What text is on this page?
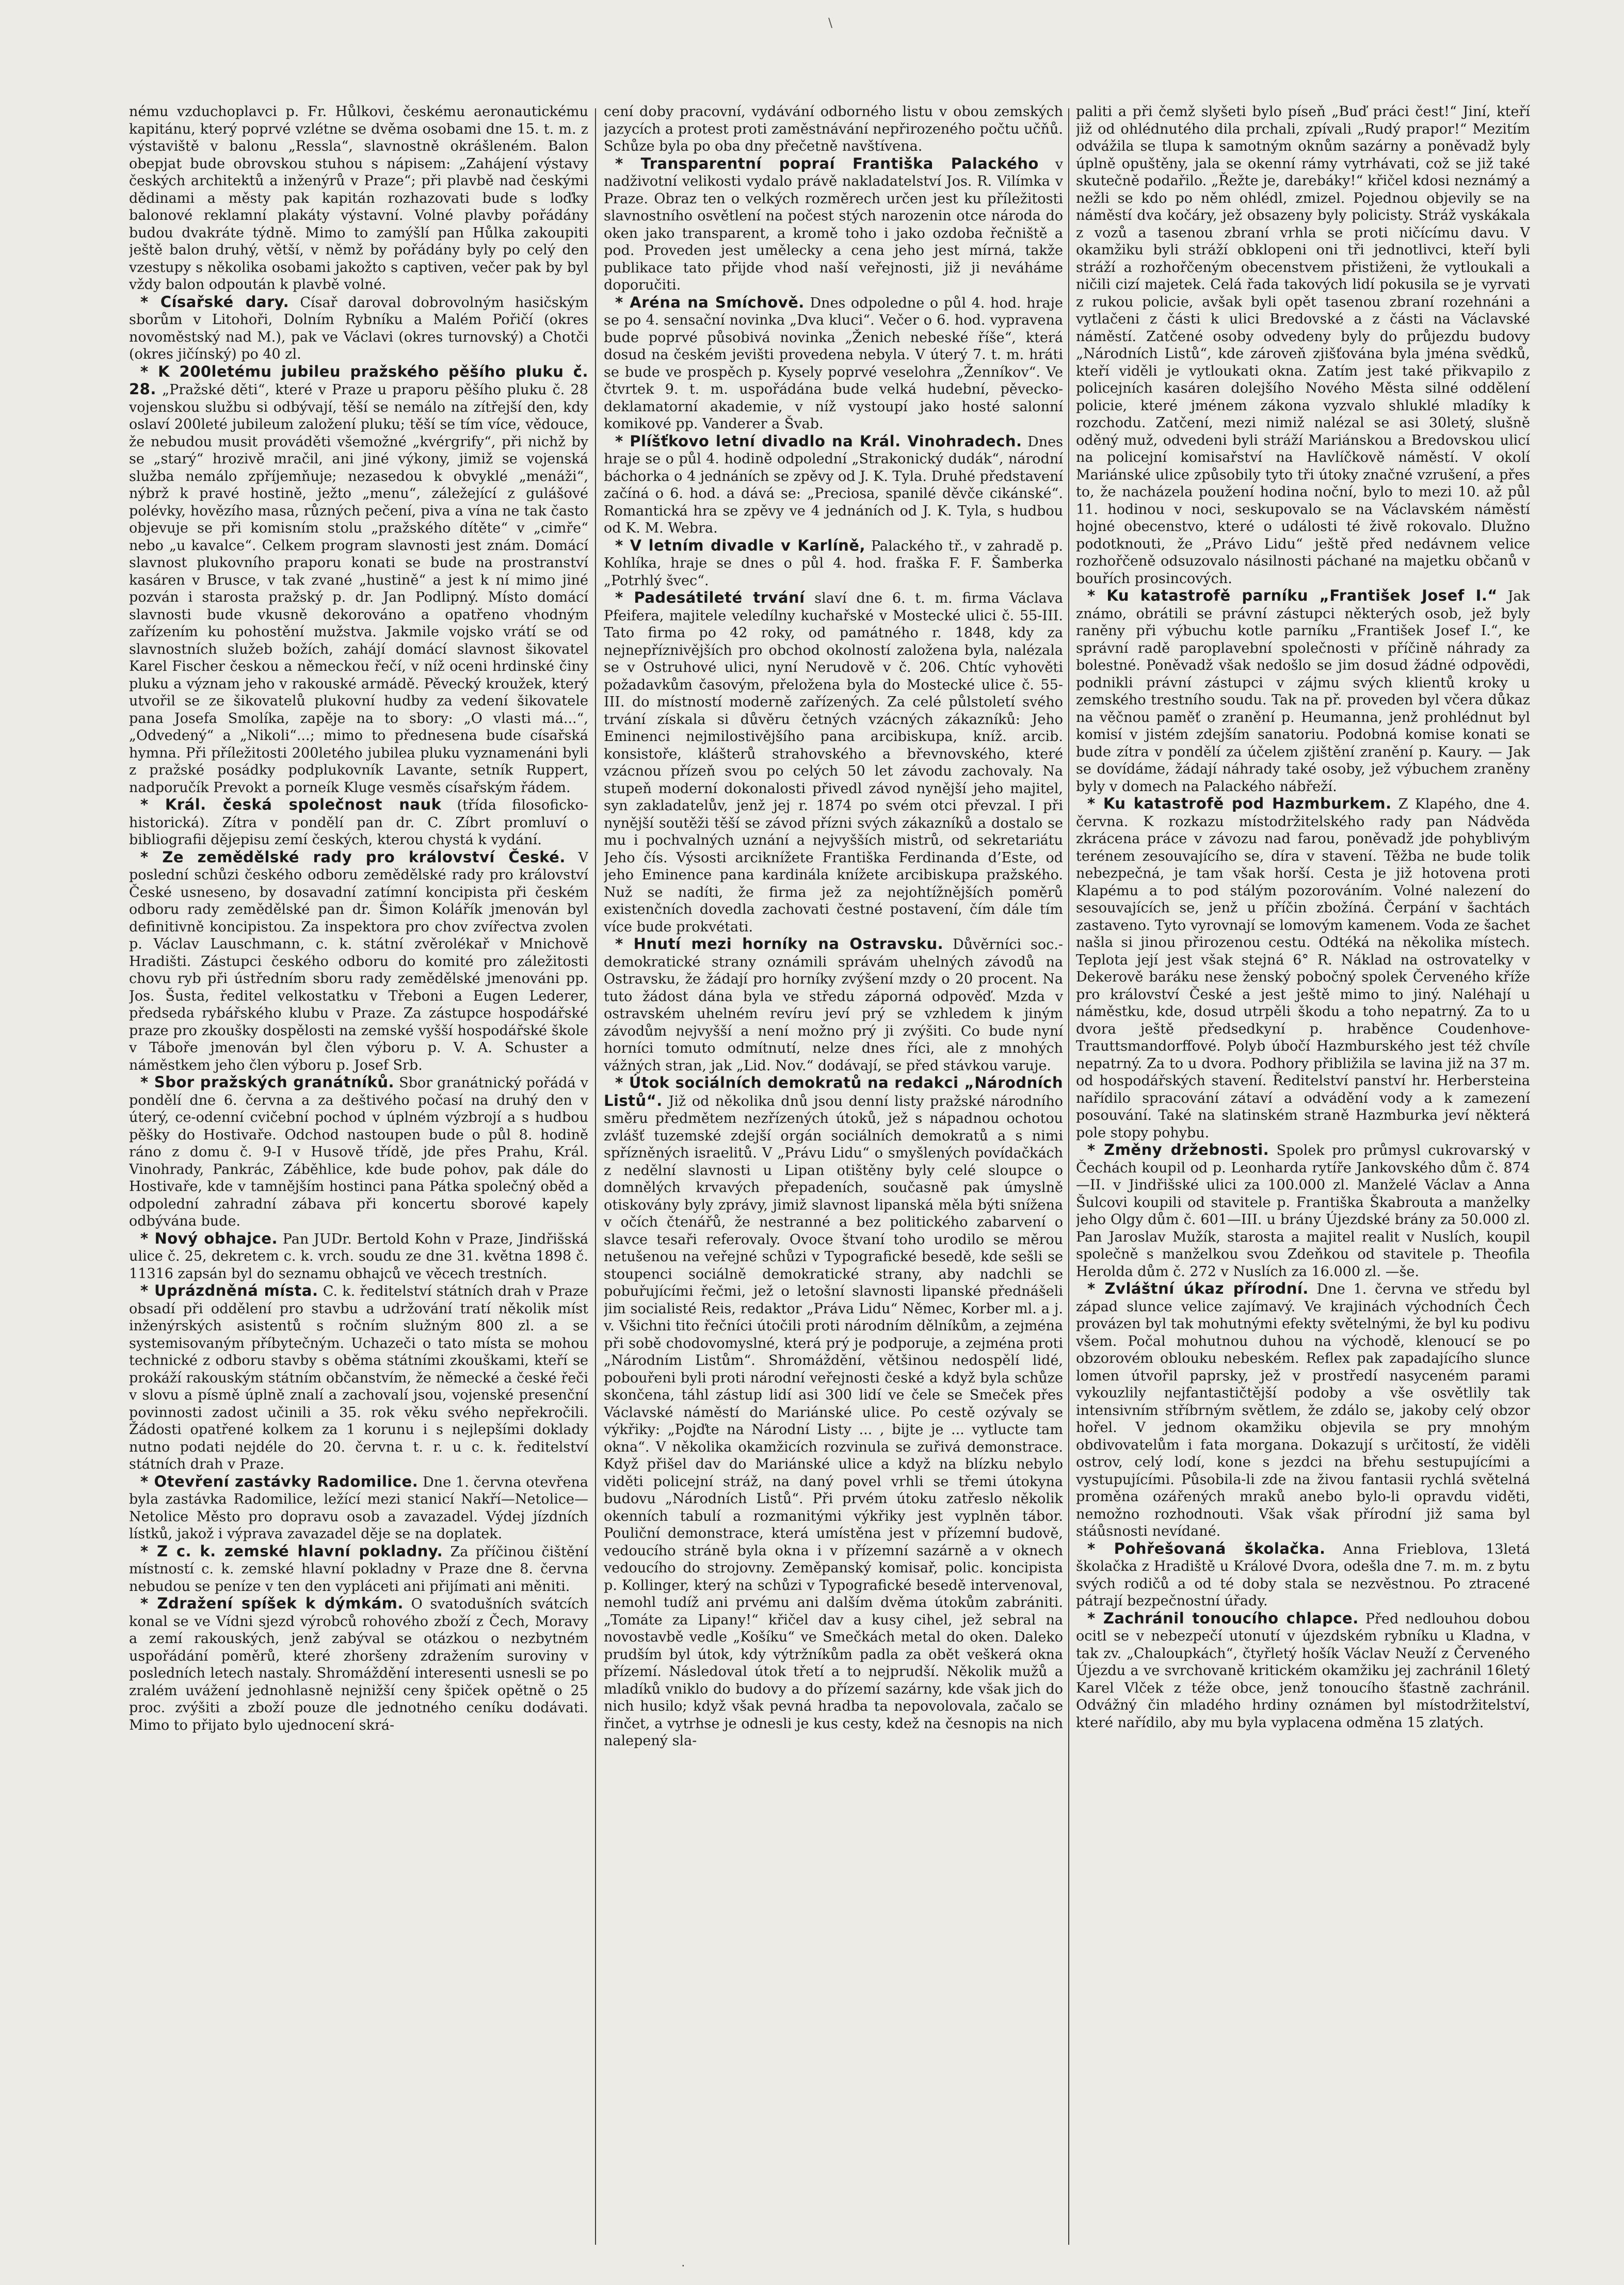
\

nému vzduchoplavci p. Fr. Hůlkovi, českému aeronautickému kapitánu, který poprvé vzlétne se dvěma osobami dne 15. t. m. z výstaviště v balonu „Ressla“, slavnostně okrášleném. Balon obepjat bude obrovskou stuhou s nápisem: „Zahájení výstavy českých architektů a inženýrů v Praze“; při plavbě nad českými dědinami a městy pak kapitán rozhazovati bude s loďky balonové reklamní plakáty výstavní. Volné plavby pořádány budou dvakráte týdně. Mimo to zamýšlí pan Hůlka zakoupiti ještě balon druhý, větší, v němž by pořádány byly po celý den vzestupy s několika osobami jakožto s captiven, večer pak by byl vždy balon odpoután k plavbě volné.

* Císařské dary. Císař daroval dobrovolným hasičským sborům v Litohoři, Dolním Rybníku a Malém Pořičí (okres novoměstský nad M.), pak ve Václavi (okres turnovský) a Chotči (okres jičínský) po 40 zl.

* K 200letému jubileu pražského pěšího pluku č. 28. „Pražské děti“, které v Praze u praporu pěšího pluku č. 28 vojenskou službu si odbývají, těší se nemálo na zítřejší den, kdy oslaví 200leté jubileum založení pluku; těší se tím více, vědouce, že nebudou musit prováděti všemožné „kvérgrify“, při nichž by se „starý“ hrozivě mračil, ani jiné výkony, jimiž se vojenská služba nemálo zpříjemňuje; nezasedou k obvyklé „menáži“, nýbrž k pravé hostině, ježto „menu“, záležející z gulášové polévky, hovězího masa, různých pečení, piva a vína ne tak často objevuje se při komisním stolu „pražského dítěte“ v „cimře“ nebo „u kavalce“. Celkem program slavnosti jest znám. Domácí slavnost plukovního praporu konati se bude na prostranství kasáren v Brusce, v tak zvané „hustině“ a jest k ní mimo jiné pozván i starosta pražský p. dr. Jan Podlipný. Místo domácí slavnosti bude vkusně dekorováno a opatřeno vhodným zařízením ku pohostění mužstva. Jakmile vojsko vrátí se od slavnostních služeb božích, zahájí domácí slavnost šikovatel Karel Fischer českou a německou řečí, v níž oceni hrdinské činy pluku a význam jeho v rakouské armádě. Pěvecký kroužek, který utvořil se ze šikovatelů plukovní hudby za vedení šikovatele pana Josefa Smolíka, zapěje na to sbory: „O vlasti má...“, „Odvedený“ a „Nikoli“...; mimo to přednesena bude císařská hymna. Při příležitosti 200letého jubilea pluku vyznamenáni byli z pražské posádky podplukovník Lavante, setník Ruppert, nadporučík Prevokt a porneík Kluge vesměs císařským řádem.

* Král. česká společnost nauk (třída filosoficko-historická). Zítra v pondělí pan dr. C. Zíbrt promluví o bibliografii dějepisu zemí českých, kterou chystá k vydání.

* Ze zemědělské rady pro království České. V poslední schůzi českého odboru zemědělské rady pro království České usneseno, by dosavadní zatímní koncipista při českém odboru rady zemědělské pan dr. Šimon Kolářík jmenován byl definitivně koncipistou. Za inspektora pro chov zvířectva zvolen p. Václav Lauschmann, c. k. státní zvěrolékař v Mnichově Hradišti. Zástupci českého odboru do komité pro záležitosti chovu ryb při ústředním sboru rady zemědělské jmenováni pp. Jos. Šusta, ředitel velkostatku v Třeboni a Eugen Lederer, předseda rybářského klubu v Praze. Za zástupce hospodářské praze pro zkoušky dospělosti na zemské vyšší hospodářské škole v Táboře jmenován byl člen výboru p. V. A. Schuster a náměstkem jeho člen výboru p. Josef Srb.

* Sbor pražských granátníků. Sbor granátnický pořádá v pondělí dne 6. června a za deštivého počasí na druhý den v úterý, ce-odenní cvičební pochod v úplném výzbrojí a s hudbou pěšky do Hostivaře. Odchod nastoupen bude o půl 8. hodině ráno z domu č. 9-I v Husově třídě, jde přes Prahu, Král. Vinohrady, Pankrác, Záběhlice, kde bude pohov, pak dále do Hostivaře, kde v tamnějším hostinci pana Pátka společný oběd a odpolední zahradní zábava při koncertu sborové kapely odbývána bude.

* Nový obhajce. Pan JUDr. Bertold Kohn v Praze, Jindřišská ulice č. 25, dekretem c. k. vrch. soudu ze dne 31. května 1898 č. 11316 zapsán byl do seznamu obhajců ve věcech trestních.

* Uprázdněná místa. C. k. ředitelství státních drah v Praze obsadí při oddělení pro stavbu a udržování tratí několik míst inženýrských asistentů s ročním služným 800 zl. a se systemisovaným příbytečným. Uchazeči o tato místa se mohou technické z odboru stavby s oběma státními zkouškami, kteří se prokáží rakouským státním občanstvím, že německé a české řeči v slovu a písmě úplně znalí a zachovalí jsou, vojenské presenční povinnosti zadost učinili a 35. rok věku svého nepřekročili. Žádosti opatřené kolkem za 1 korunu i s nejlepšími doklady nutno podati nejdéle do 20. června t. r. u c. k. ředitelství státních drah v Praze.

* Otevření zastávky Radomilice. Dne 1. června otevřena byla zastávka Radomilice, ležící mezi stanicí Nakří—Netolice—Netolice Město pro dopravu osob a zavazadel. Výdej jízdních lístků, jakož i výprava zavazadel děje se na doplatek.

* Z c. k. zemské hlavní pokladny. Za příčinou čištění místností c. k. zemské hlavní pokladny v Praze dne 8. června nebudou se peníze v ten den vypláceti ani přijímati ani měniti.

* Zdražení spíšek k dýmkám. O svatodušních svátcích konal se ve Vídni sjezd výrobců rohového zboží z Čech, Moravy a zemí rakouských, jenž zabýval se otázkou o nezbytném uspořádání poměrů, které zhoršeny zdražením suroviny v posledních letech nastaly. Shromáždění interesenti usnesli se po zralém uvážení jednohlasně nejnižší ceny špiček opětně o 25 proc. zvýšiti a zboží pouze dle jednotného ceníku dodávati. Mimo to přijato bylo ujednocení skrá-

cení doby pracovní, vydávání odborného listu v obou zemských jazycích a protest proti zaměstnávání nepřirozeného počtu učňů. Schůze byla po oba dny přečetně navštívena.

* Transparentní popraí Františka Palackého v nadživotní velikosti vydalo právě nakladatelství Jos. R. Vilímka v Praze. Obraz ten o velkých rozměrech určen jest ku příležitosti slavnostního osvětlení na počest stých narozenin otce národa do oken jako transparent, a kromě toho i jako ozdoba řečniště a pod. Proveden jest umělecky a cena jeho jest mírná, takže publikace tato přijde vhod naší veřejnosti, již ji neváháme doporučiti.

* Aréna na Smíchově. Dnes odpoledne o půl 4. hod. hraje se po 4. sensační novinka „Dva kluci“. Večer o 6. hod. vypravena bude poprvé působivá novinka „Ženich nebeské říše“, která dosud na českém jevišti provedena nebyla. V úterý 7. t. m. hráti se bude ve prospěch p. Kysely poprvé veselohra „Ženníkov“. Ve čtvrtek 9. t. m. uspořádána bude velká hudební, pěvecko-deklamatorní akademie, v níž vystoupí jako hosté salonní komikové pp. Vanderer a Švab.

* Plíšťkovo letní divadlo na Král. Vinohradech. Dnes hraje se o půl 4. hodině odpolední „Strakonický dudák“, národní báchorka o 4 jednáních se zpěvy od J. K. Tyla. Druhé představení začíná o 6. hod. a dává se: „Preciosa, spanilé děvče cikánské“. Romantická hra se zpěvy ve 4 jednáních od J. K. Tyla, s hudbou od K. M. Webra.

* V letním divadle v Karlíně, Palackého tř., v zahradě p. Kohlíka, hraje se dnes o půl 4. hod. fraška F. F. Šamberka „Potrhlý švec“.

* Padesátileté trvání slaví dne 6. t. m. firma Václava Pfeifera, majitele veledílny kuchařské v Mostecké ulici č. 55-III. Tato firma po 42 roky, od památného r. 1848, kdy za nejnepříznivějších pro obchod okolností založena byla, nalézala se v Ostruhové ulici, nyní Nerudově v č. 206. Chtíc vyhověti požadavkům časovým, přeložena byla do Mostecké ulice č. 55-III. do místností moderně zařízených. Za celé půlstoletí svého trvání získala si důvěru četných vzácných zákazníků: Jeho Eminenci nejmilostivějšího pana arcibiskupa, kníž. arcib. konsistoře, klášterů strahovského a břevnovského, které vzácnou přízeň svou po celých 50 let závodu zachovaly. Na stupeň moderní dokonalosti přivedl závod nynější jeho majitel, syn zakladatelův, jenž jej r. 1874 po svém otci převzal. I při nynější soutěži těší se závod přízni svých zákazníků a dostalo se mu i pochvalných uznání a nejvyšších mistrů, od sekretariátu Jeho čís. Výsosti arciknížete Františka Ferdinanda d’Este, od jeho Eminence pana kardinála knížete arcibiskupa pražského. Nuž se nadíti, že firma jež za nejohtížnějších poměrů existenčních dovedla zachovati čestné postavení, čím dále tím více bude prokvétati.

* Hnutí mezi horníky na Ostravsku. Důvěrníci soc.-demokratické strany oznámili správám uhelných závodů na Ostravsku, že žádají pro horníky zvýšení mzdy o 20 procent. Na tuto žádost dána byla ve středu záporná odpověď. Mzda v ostravském uhelném revíru jeví prý se vzhledem k jiným závodům nejvyšší a není možno prý ji zvýšiti. Co bude nyní horníci tomuto odmítnutí, nelze dnes říci, ale z mnohých vážných stran, jak „Lid. Nov.“ dodávají, se před stávkou varuje.

* Útok sociálních demokratů na redakci „Národních Listů“. Již od několika dnů jsou denní listy pražské národního směru předmětem nezřízených útoků, jež s nápadnou ochotou zvlášť tuzemské zdejší orgán sociálních demokratů a s nimi spřízněných israelitů. V „Právu Lidu“ o smyšlených povídačkách z nedělní slavnosti u Lipan otištěny byly celé sloupce o domnělých krvavých přepadeních, současně pak úmyslně otiskovány byly zprávy, jimiž slavnost lipanská měla býti snížena v očích čtenářů, že nestranné a bez politického zabarvení o slavce tesaři referovaly. Ovoce štvaní toho urodilo se měrou netušenou na veřejné schůzi v Typografické besedě, kde sešli se stoupenci sociálně demokratické strany, aby nadchli se pobuřujícími řečmi, jež o letošní slavnosti lipanské přednášeli jim socialisté Reis, redaktor „Práva Lidu“ Němec, Korber ml. a j. v. Všichni tito řečníci útočili proti národním dělníkům, a zejména při sobě chodovomyslné, která prý je podporuje, a zejména proti „Národním Listům“. Shromáždění, většinou nedospělí lidé, pobouřeni byli proti národní veřejnosti české a když byla schůze skončena, táhl zástup lidí asi 300 lidí ve čele se Smeček přes Václavské náměstí do Mariánské ulice. Po cestě ozývaly se výkřiky: „Pojďte na Národní Listy ... , bijte je ... vytlucte tam okna“. V několika okamžicích rozvinula se zuřivá demonstrace. Když přišel dav do Mariánské ulice a když na blízku nebylo viděti policejní stráž, na daný povel vrhli se třemi útokyna budovu „Národních Listů“. Při prvém útoku zatřeslo několik okenních tabulí a rozmanitými výkřiky jest vyplněn tábor. Pouliční demonstrace, která umístěna jest v přízemní budově, vedoucího stráně byla okna i v přízemní sazárně a v oknech vedoucího do strojovny. Zeměpanský komisař, polic. koncipista p. Kollinger, který na schůzi v Typografické besedě intervenoval, nemohl tudíž ani prvému ani dalším dvěma útokům zabrániti. „Tomáte za Lipany!“ křičel dav a kusy cihel, jež sebral na novostavbě vedle „Košíku“ ve Smečkách metal do oken. Daleko prudším byl útok, kdy výtržníkům padla za obět veškerá okna přízemí. Následoval útok třetí a to nejprudší. Několik mužů a mladíků vniklo do budovy a do přízemí sazárny, kde však jich do nich husilo; když však pevná hradba ta nepovolovala, začalo se řinčet, a vytrhse je odnesli je kus cesty, kdež na česnopis na nich nalepený sla-

paliti a při čemž slyšeti bylo píseň „Buď práci čest!“ Jiní, kteří již od ohlédnutého dila prchali, zpívali „Rudý prapor!“ Mezitím odvážila se tlupa k samotným oknům sazárny a poněvadž byly úplně opuštěny, jala se okenní rámy vytrhávati, což se již také skutečně podařilo. „Řežte je, darebáky!“ křičel kdosi neznámý a nežli se kdo po něm ohlédl, zmizel. Pojednou objevily se na náměstí dva kočáry, jež obsazeny byly policisty. Stráž vyskákala z vozů a tasenou zbraní vrhla se proti ničícímu davu. V okamžiku byli stráží obklopeni oni tři jednotlivci, kteří byli stráží a rozhořčeným obecenstvem přistiženi, že vytloukali a ničili cizí majetek. Celá řada takových lidí pokusila se je vyrvati z rukou policie, avšak byli opět tasenou zbraní rozehnáni a vytlačeni z části k ulici Bredovské a z části na Václavské náměstí. Zatčené osoby odvedeny byly do průjezdu budovy „Národních Listů“, kde zároveň zjišťována byla jména svědků, kteří viděli je vytloukati okna. Zatím jest také přikvapilo z policejních kasáren dolejšího Nového Města silné oddělení policie, které jménem zákona vyzvalo shluklé mladíky k rozchodu. Zatčení, mezi nimiž nalézal se asi 30letý, slušně oděný muž, odvedeni byli stráží Mariánskou a Bredovskou ulicí na policejní komisařství na Havlíčkově náměstí. V okolí Mariánské ulice způsobily tyto tři útoky značné vzrušení, a přes to, že nacházela použení hodina noční, bylo to mezi 10. až půl 11. hodinou v noci, seskupovalo se na Václavském náměstí hojné obecenstvo, které o události té živě rokovalo. Dlužno podotknouti, že „Právo Lidu“ ještě před nedávnem velice rozhořčeně odsuzovalo násilnosti páchané na majetku občanů v bouřích prosincových.

* Ku katastrofě parníku „František Josef I.“ Jak známo, obrátili se právní zástupci některých osob, jež byly raněny při výbuchu kotle parníku „František Josef I.“, ke správní radě paroplavební společnosti v příčině náhrady za bolestné. Poněvadž však nedošlo se jim dosud žádné odpovědi, podnikli právní zástupci v zájmu svých klientů kroky u zemského trestního soudu. Tak na př. proveden byl včera důkaz na věčnou paměť o zranění p. Heumanna, jenž prohlédnut byl komisí v jistém zdejším sanatoriu. Podobná komise konati se bude zítra v pondělí za účelem zjištění zranění p. Kaury. — Jak se dovídáme, žádají náhrady také osoby, jež výbuchem zraněny byly v domech na Palackého nábřeží.

* Ku katastrofě pod Hazmburkem. Z Klapého, dne 4. června. K rozkazu místodržitelského rady pan Nádvěda zkrácena práce v závozu nad farou, poněvadž jde pohyblivým terénem zesouvajícího se, díra v stavení. Těžba ne bude tolik nebezpečná, je tam však horší. Cesta je již hotovena proti Klapému a to pod stálým pozorováním. Volné nalezení do sesouvajících se, jenž u příčin zbožíná. Čerpání v šachtách zastaveno. Tyto vyrovnají se lomovým kamenem. Voda ze šachet našla si jinou přirozenou cestu. Odtéká na několika místech. Teplota její jest však stejná 6° R. Náklad na ostrovatelky v Dekerově baráku nese ženský pobočný spolek Červeného kříže pro království České a jest ještě mimo to jiný. Naléhají u náměstku, kde, dosud utrpěli škodu a toho nepatrný. Za to u dvora ještě předsedkyní p. hraběnce Coudenhove-Trauttsmandorffové. Polyb úbočí Hazmburského jest též chvíle nepatrný. Za to u dvora. Podhory přibližila se lavina již na 37 m. od hospodářských stavení. Ředitelství panství hr. Herbersteina nařídilo spracování zátaví a odvádění vody a k zamezení posouvání. Také na slatinském straně Hazmburka jeví některá pole stopy pohybu.

* Změny držebnosti. Spolek pro průmysl cukrovarský v Čechách koupil od p. Leonharda rytíře Jankovského dům č. 874—II. v Jindřišské ulici za 100.000 zl. Manželé Václav a Anna Šulcovi koupili od stavitele p. Františka Škabrouta a manželky jeho Olgy dům č. 601—III. u brány Újezdské brány za 50.000 zl. Pan Jaroslav Mužík, starosta a majitel realit v Nuslích, koupil společně s manželkou svou Zdeňkou od stavitele p. Theofila Herolda dům č. 272 v Nuslích za 16.000 zl. —še.

* Zvláštní úkaz přírodní. Dne 1. června ve středu byl západ slunce velice zajímavý. Ve krajinách východních Čech provázen byl tak mohutnými efekty světelnými, že byl ku podivu všem. Počal mohutnou duhou na východě, klenoucí se po obzorovém oblouku nebeském. Reflex pak zapadajícího slunce lomen útvořil paprsky, jež v prostředí nasyceném parami vykouzlily nejfantastičtější podoby a vše osvětlily tak intensivním stříbrným světlem, že zdálo se, jakoby celý obzor hořel. V jednom okamžiku objevila se pry mnohým obdivovatelům i fata morgana. Dokazují s určitostí, že viděli ostrov, celý lodí, kone s jezdci na břehu sestupujícími a vystupujícími. Působila-li zde na živou fantasii rychlá světelná proměna ozářených mraků anebo bylo-li opravdu viděti, nemožno rozhodnouti. Však však přírodní již sama byl stáůsnosti nevídané.

* Pohřešovaná školačka. Anna Frieblova, 13letá školačka z Hradiště u Králové Dvora, odešla dne 7. m. m. z bytu svých rodičů a od té doby stala se nezvěstnou. Po ztracené pátrají bezpečnostní úřady.

* Zachránil tonoucího chlapce. Před nedlouhou dobou ocitl se v nebezpečí utonutí v újezdském rybníku u Kladna, v tak zv. „Chaloupkách“, čtyřletý hošík Václav Neuží z Červeného Újezdu a ve svrchovaně kritickém okamžiku jej zachránil 16letý Karel Vlček z téže obce, jenž tonoucího šťastně zachránil. Odvážný čin mladého hrdiny oznámen byl místodržitelství, které nařídilo, aby mu byla vyplacena odměna 15 zlatých.

.
